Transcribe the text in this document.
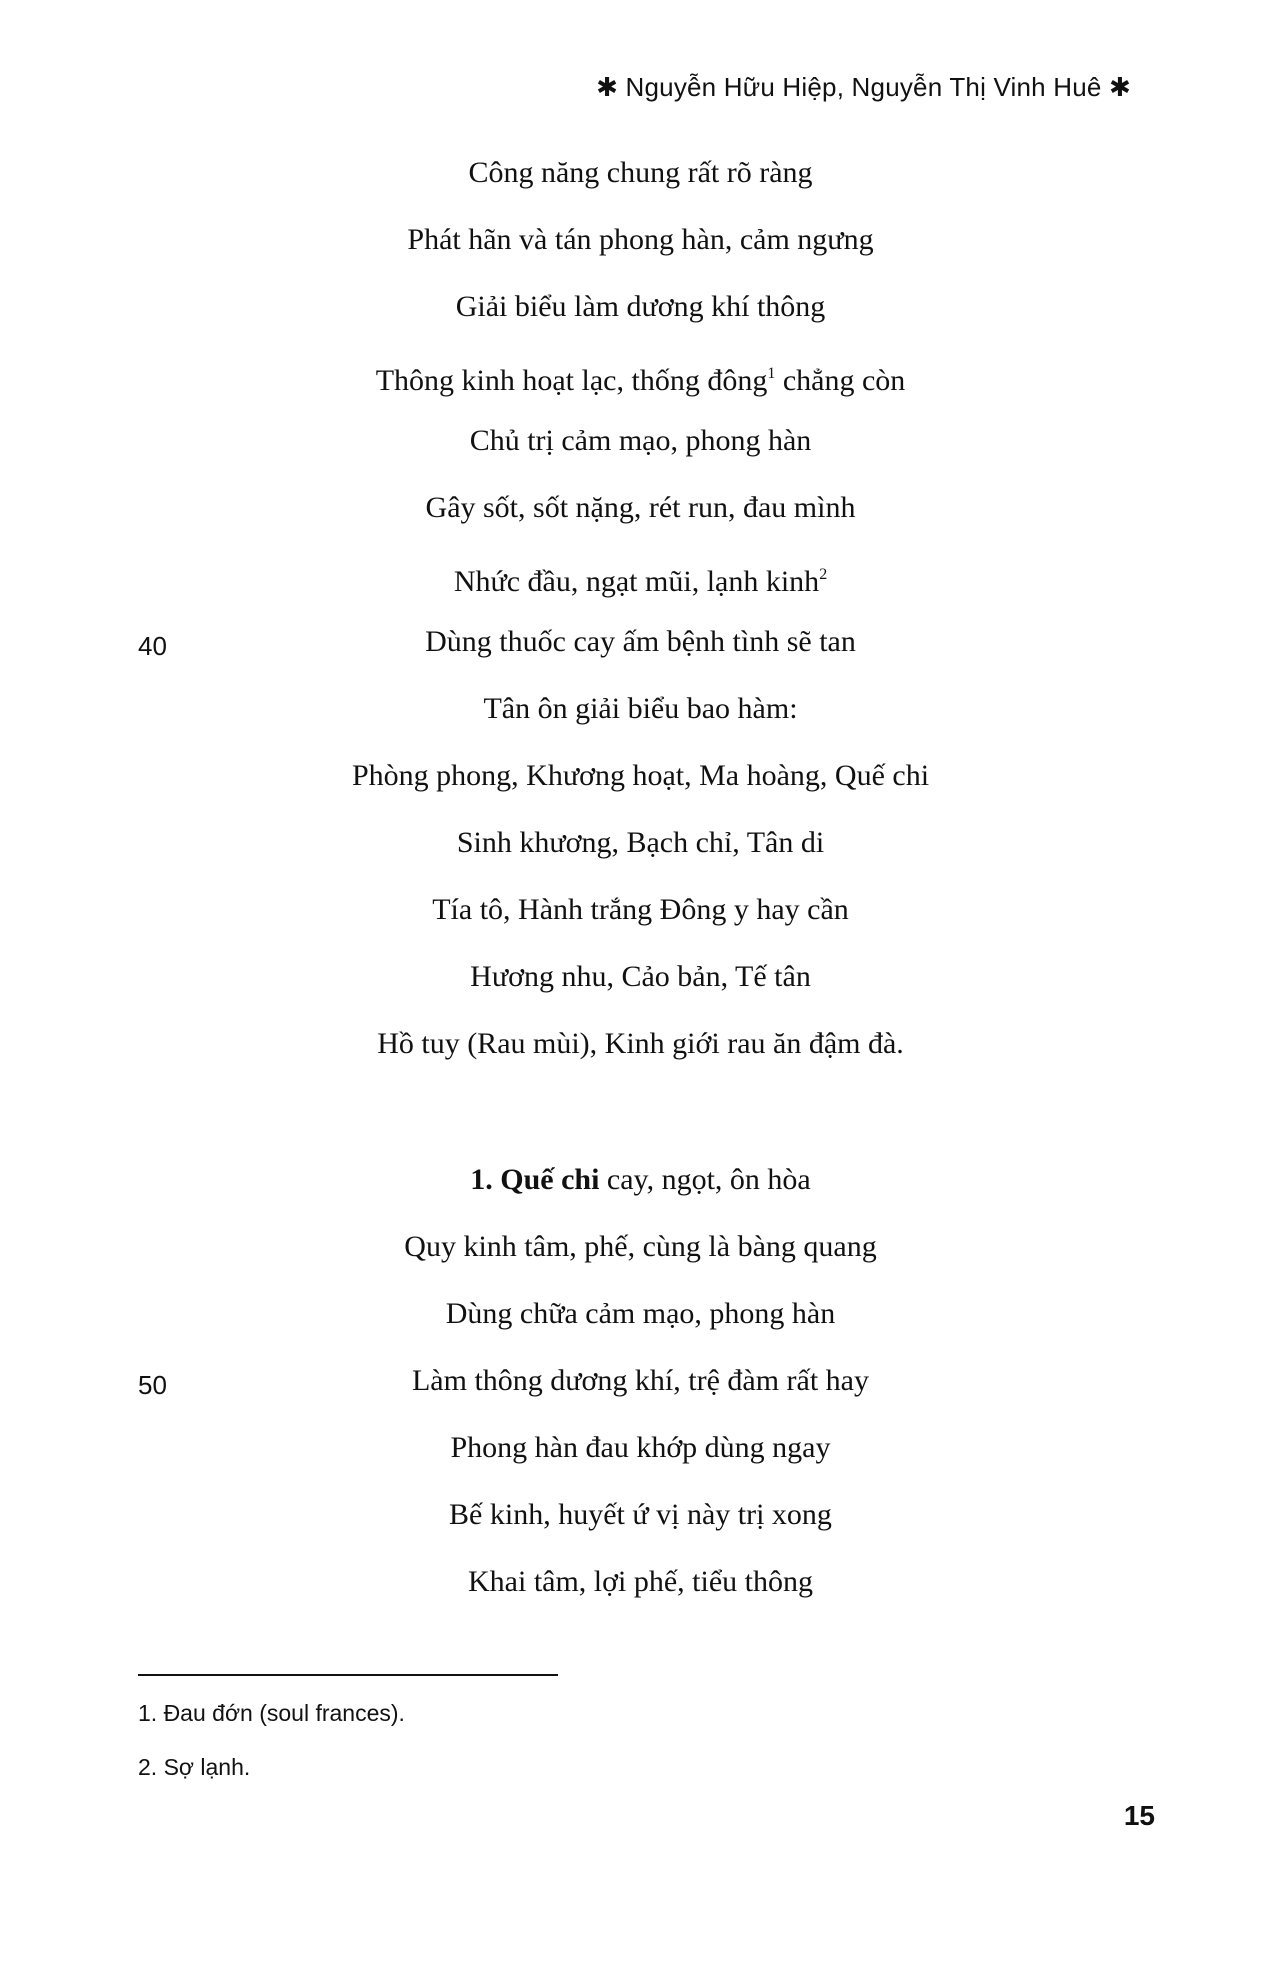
✱ Nguyễn Hữu Hiệp, Nguyễn Thị Vinh Huê ✱
Công năng chung rất rõ ràng
Phát hãn và tán phong hàn, cảm ngưng
Giải biểu làm dương khí thông
Thông kinh hoạt lạc, thống đông$^1$ chẳng còn
Chủ trị cảm mạo, phong hàn
Gây sốt, sốt nặng, rét run, đau mình
Nhức đầu, ngạt mũi, lạnh kinh$^2$
Dùng thuốc cay ấm bệnh tình sẽ tan
Tân ôn giải biểu bao hàm:
Phòng phong, Khương hoạt, Ma hoàng, Quế chi
Sinh khương, Bạch chỉ, Tân di
Tía tô, Hành trắng Đông y hay cần
Hương nhu, Cảo bản, Tế tân
Hồ tuy (Rau mùi), Kinh giới rau ăn đậm đà.
1. Quế chi cay, ngọt, ôn hòa
Quy kinh tâm, phế, cùng là bàng quang
Dùng chữa cảm mạo, phong hàn
Làm thông dương khí, trệ đàm rất hay
Phong hàn đau khớp dùng ngay
Bế kinh, huyết ứ vị này trị xong
Khai tâm, lợi phế, tiểu thông
40
50
1. Đau đớn (soul frances).
2. Sợ lạnh.
15
